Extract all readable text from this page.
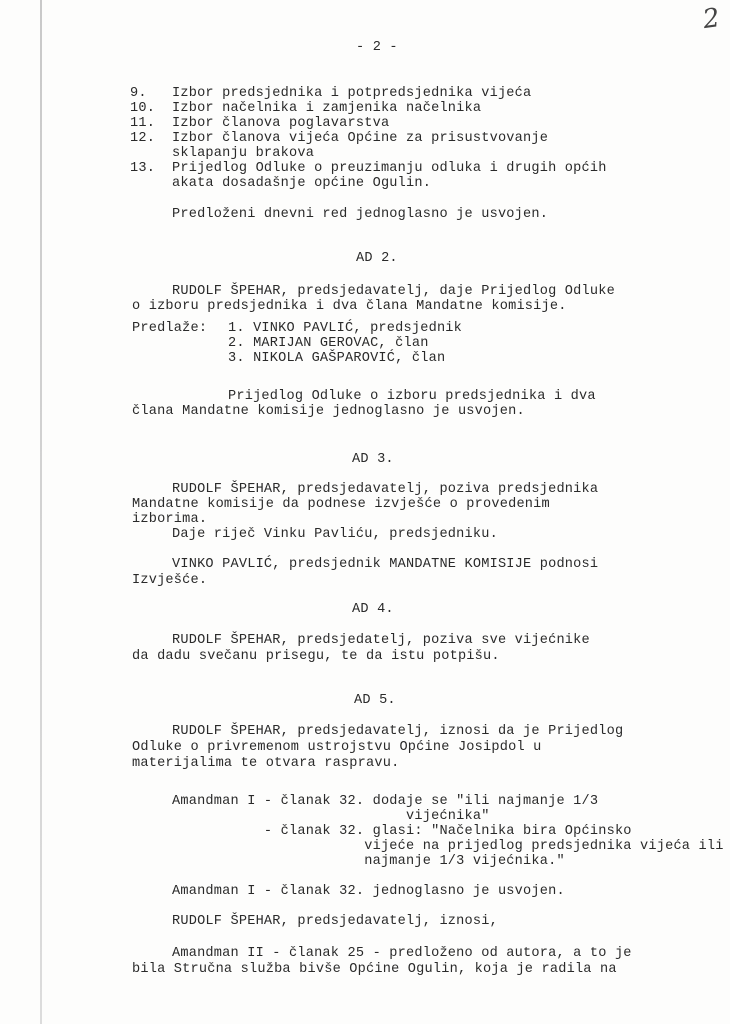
2
- 2 -
9. Izbor predsjednika i potpredsjednika vijeća
10. Izbor načelnika i zamjenika načelnika
11. Izbor članova poglavarstva
12. Izbor članova vijeća Općine za prisustvovanje
sklapanju brakova
13. Prijedlog Odluke o preuzimanju odluka i drugih općih
akata dosadašnje općine Ogulin.
Predloženi dnevni red jednoglasno je usvojen.
AD 2.
RUDOLF ŠPEHAR, predsjedavatelj, daje Prijedlog Odluke
o izboru predsjednika i dva člana Mandatne komisije.
Predlaže: 1. VINKO PAVLIĆ, predsjednik
2. MARIJAN GEROVAC, član
3. NIKOLA GAŠPAROVIĆ, član
Prijedlog Odluke o izboru predsjednika i dva
člana Mandatne komisije jednoglasno je usvojen.
AD 3.
RUDOLF ŠPEHAR, predsjedavatelj, poziva predsjednika
Mandatne komisije da podnese izvješće o provedenim
izborima.
Daje riječ Vinku Pavliću, predsjedniku.
VINKO PAVLIĆ, predsjednik MANDATNE KOMISIJE podnosi
Izvješće.
AD 4.
RUDOLF ŠPEHAR, predsjedatelj, poziva sve vijećnike
da dadu svečanu prisegu, te da istu potpišu.
AD 5.
RUDOLF ŠPEHAR, predsjedavatelj, iznosi da je Prijedlog
Odluke o privremenom ustrojstvu Općine Josipdol u
materijalima te otvara raspravu.
Amandman I - članak 32. dodaje se "ili najmanje 1/3
vijećnika"
- članak 32. glasi: "Načelnika bira Općinsko
vijeće na prijedlog predsjednika vijeća ili
najmanje 1/3 vijećnika."
Amandman I - članak 32. jednoglasno je usvojen.
RUDOLF ŠPEHAR, predsjedavatelj, iznosi,
Amandman II - članak 25 - predloženo od autora, a to je
bila Stručna služba bivše Općine Ogulin, koja je radila na
